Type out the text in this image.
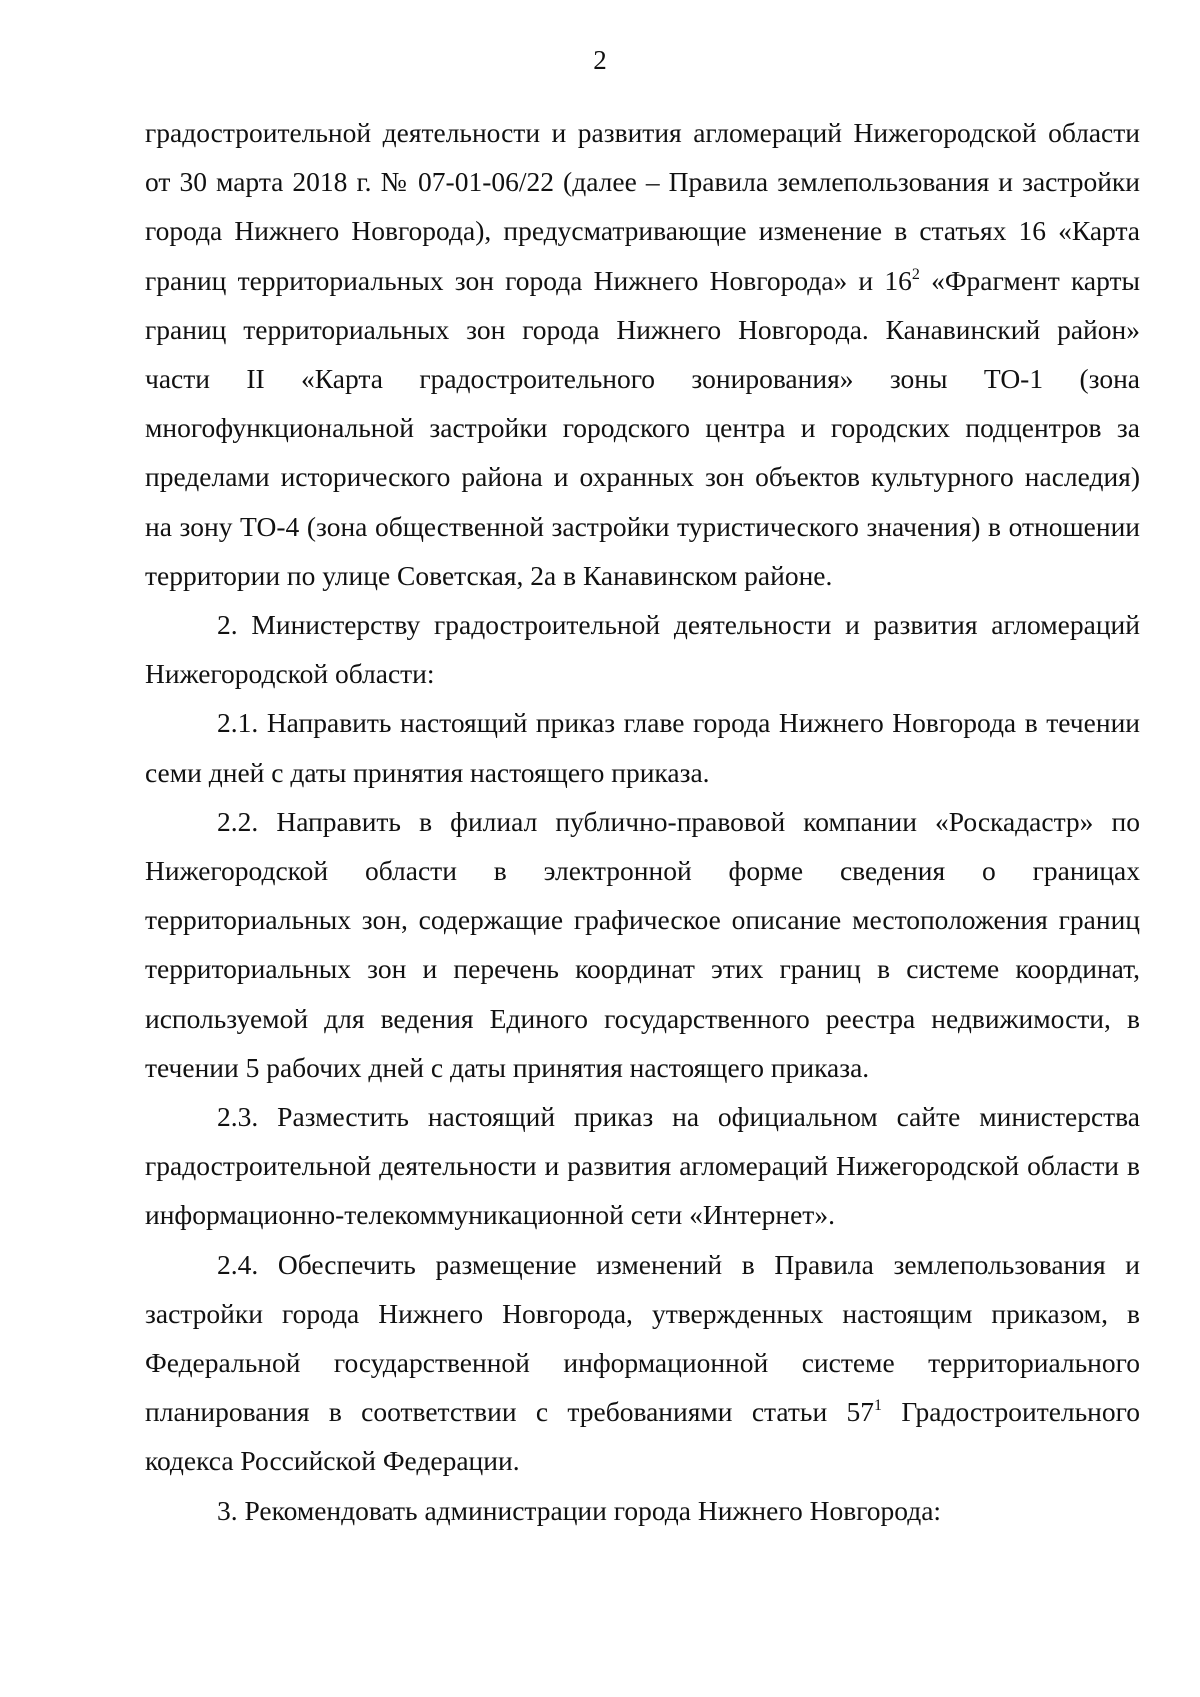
2

градостроительной деятельности и развития агломераций Нижегородской области от 30 марта 2018 г. № 07-01-06/22 (далее – Правила землепользования и застройки города Нижнего Новгорода), предусматривающие изменение в статьях 16 «Карта границ территориальных зон города Нижнего Новгорода» и $16^2$ «Фрагмент карты границ территориальных зон города Нижнего Новгорода. Канавинский район» части II «Карта градостроительного зонирования» зоны ТО-1 (зона многофункциональной застройки городского центра и городских подцентров за пределами исторического района и охранных зон объектов культурного наследия) на зону ТО-4 (зона общественной застройки туристического значения) в отношении территории по улице Советская, 2а в Канавинском районе.

2. Министерству градостроительной деятельности и развития агломераций Нижегородской области:

2.1. Направить настоящий приказ главе города Нижнего Новгорода в течении семи дней с даты принятия настоящего приказа.

2.2. Направить в филиал публично-правовой компании «Роскадастр» по Нижегородской области в электронной форме сведения о границах территориальных зон, содержащие графическое описание местоположения границ территориальных зон и перечень координат этих границ в системе координат, используемой для ведения Единого государственного реестра недвижимости, в течении 5 рабочих дней с даты принятия настоящего приказа.

2.3. Разместить настоящий приказ на официальном сайте министерства градостроительной деятельности и развития агломераций Нижегородской области в информационно-телекоммуникационной сети «Интернет».

2.4. Обеспечить размещение изменений в Правила землепользования и застройки города Нижнего Новгорода, утвержденных настоящим приказом, в Федеральной государственной информационной системе территориального планирования в соответствии с требованиями статьи $57^1$ Градостроительного кодекса Российской Федерации.

3. Рекомендовать администрации города Нижнего Новгорода:
